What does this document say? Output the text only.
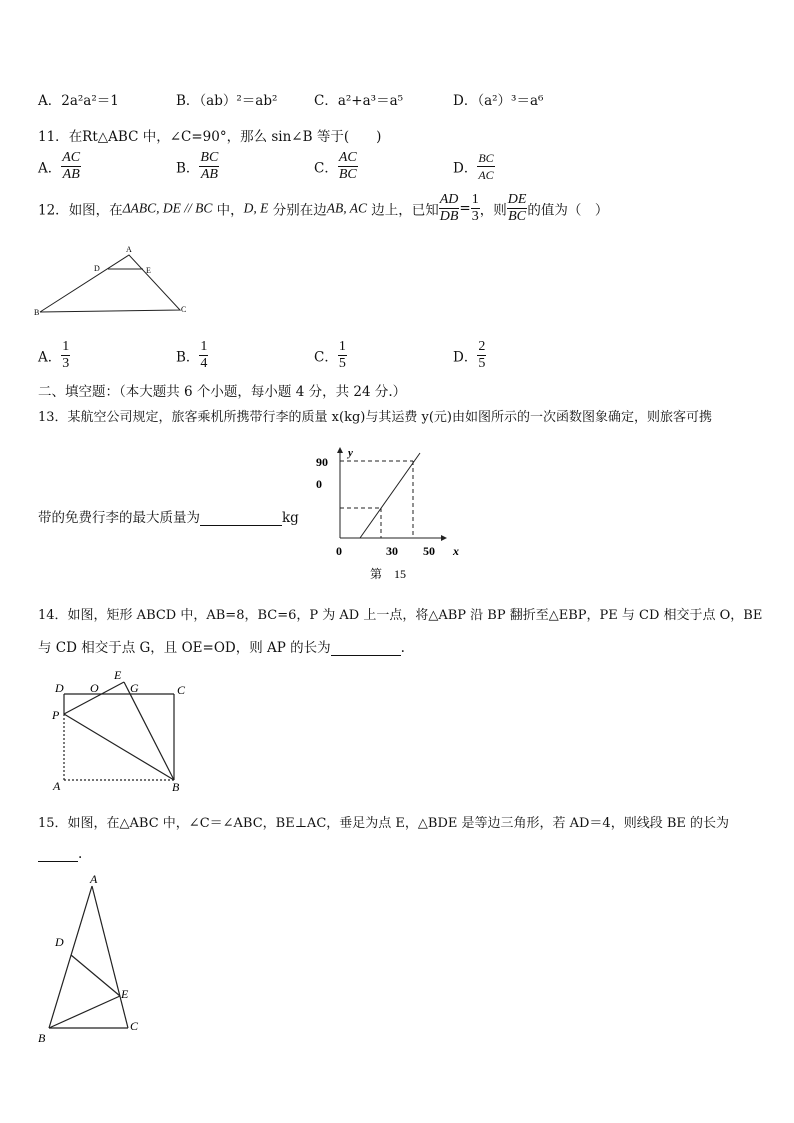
A．2a²a²＝1	B．（ab）²＝ab²	C．a²+a³＝a⁵	D．（a²）³＝a⁶
11．在Rt△ABC 中，∠C=90°，那么 sin∠B 等于(　　)
A． $\frac{AC}{AB}$	B． $\frac{BC}{AB}$	C． $\frac{AC}{BC}$	D． $\frac{BC}{AC}$
12．如图，在ΔABC, DE // BC 中，D, E 分别在边AB, AC 边上，已知 $\frac{AD}{DB} = \frac{1}{3}$ ，则 $\frac{DE}{BC}$ 的值为（　）
A
D	E
B	C
A． $\frac{1}{3}$	B． $\frac{1}{4}$	C． $\frac{1}{5}$	D． $\frac{2}{5}$
二、填空题：（本大题共 6 个小题，每小题 4 分，共 24 分.）
13．某航空公司规定，旅客乘机所携带行李的质量 x(kg)与其运费 y(元)由如图所示的一次函数图象确定，则旅客可携
带的免费行李的最大质量为	kg
y
90
0
0	30 50 x
第　15
14．如图，矩形 ABCD 中，AB=8，BC=6，P 为 AD 上一点，将△ABP 沿 BP 翻折至△EBP，PE 与 CD 相交于点 O，BE
与 CD 相交于点 G，且 OE=OD，则 AP 的长为	.
D O
E
G	C
P
A	B
15．如图，在△ABC 中，∠C＝∠ABC，BE⊥AC，垂足为点 E，△BDE 是等边三角形，若 AD＝4，则线段 BE 的长为
.
A
D
E
B
C
